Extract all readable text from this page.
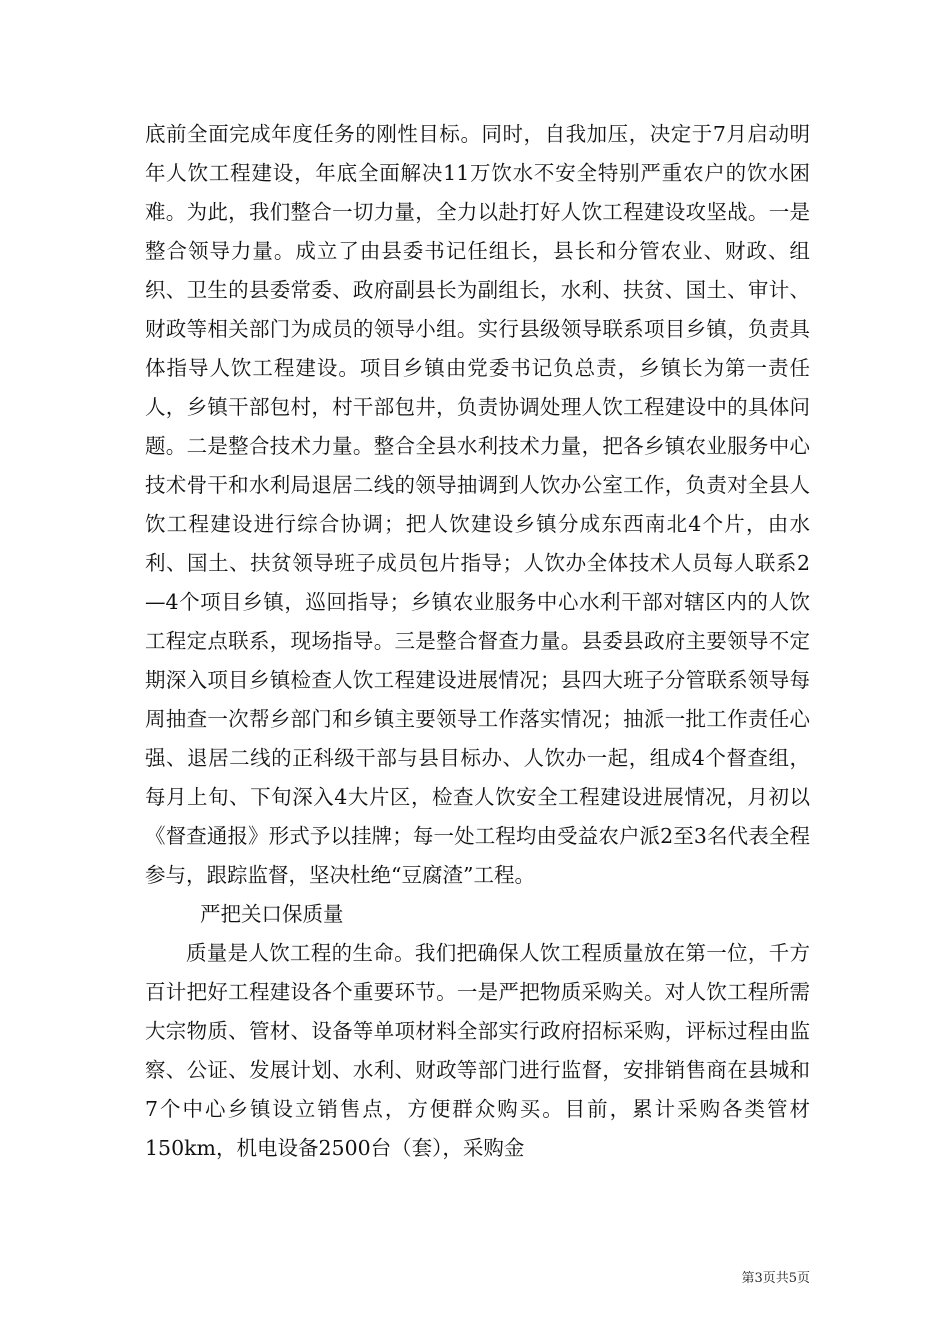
底前全面完成年度任务的刚性目标。同时，自我加压，决定于7月启动明年人饮工程建设，年底全面解决11万饮水不安全特别严重农户的饮水困难。为此，我们整合一切力量，全力以赴打好人饮工程建设攻坚战。一是整合领导力量。成立了由县委书记任组长，县长和分管农业、财政、组织、卫生的县委常委、政府副县长为副组长，水利、扶贫、国土、审计、财政等相关部门为成员的领导小组。实行县级领导联系项目乡镇，负责具体指导人饮工程建设。项目乡镇由党委书记负总责，乡镇长为第一责任人，乡镇干部包村，村干部包井，负责协调处理人饮工程建设中的具体问题。二是整合技术力量。整合全县水利技术力量，把各乡镇农业服务中心技术骨干和水利局退居二线的领导抽调到人饮办公室工作，负责对全县人饮工程建设进行综合协调；把人饮建设乡镇分成东西南北4个片，由水利、国土、扶贫领导班子成员包片指导；人饮办全体技术人员每人联系2—4个项目乡镇，巡回指导；乡镇农业服务中心水利干部对辖区内的人饮工程定点联系，现场指导。三是整合督查力量。县委县政府主要领导不定期深入项目乡镇检查人饮工程建设进展情况；县四大班子分管联系领导每周抽查一次帮乡部门和乡镇主要领导工作落实情况；抽派一批工作责任心强、退居二线的正科级干部与县目标办、人饮办一起，组成4个督查组，每月上旬、下旬深入4大片区，检查人饮安全工程建设进展情况，月初以《督查通报》形式予以挂牌；每一处工程均由受益农户派2至3名代表全程参与，跟踪监督，坚决杜绝“豆腐渣”工程。

严把关口保质量

质量是人饮工程的生命。我们把确保人饮工程质量放在第一位，千方百计把好工程建设各个重要环节。一是严把物质采购关。对人饮工程所需大宗物质、管材、设备等单项材料全部实行政府招标采购，评标过程由监察、公证、发展计划、水利、财政等部门进行监督，安排销售商在县城和7个中心乡镇设立销售点，方便群众购买。目前，累计采购各类管材150km，机电设备2500台（套），采购金

第3页共5页
